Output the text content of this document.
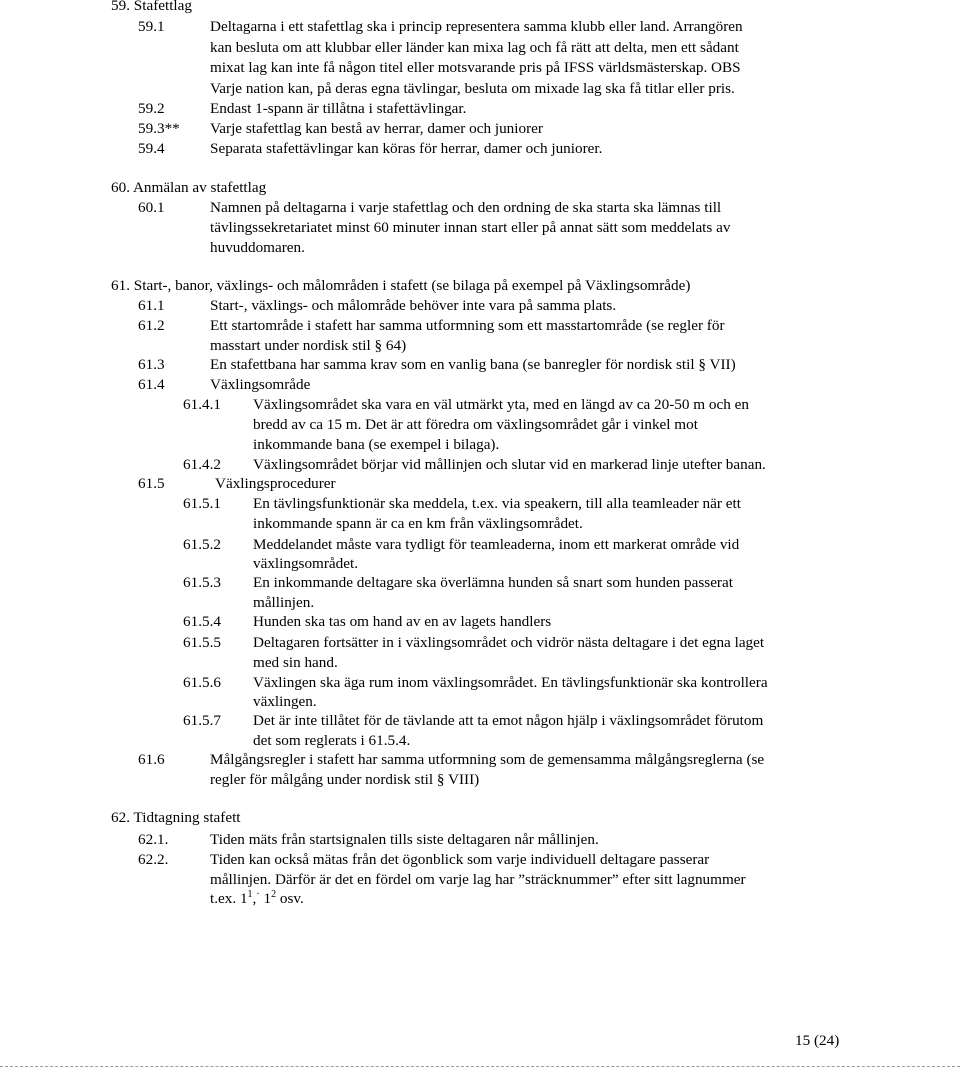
59. Stafettlag
59.1	Deltagarna i ett stafettlag ska i princip representera samma klubb eller land. Arrangören
kan besluta om att klubbar eller länder kan mixa lag och få rätt att delta, men ett sådant
mixat lag kan inte få någon titel eller motsvarande pris på IFSS världsmästerskap. OBS
Varje nation kan, på deras egna tävlingar, besluta om mixade lag ska få titlar eller pris.
59.2	Endast 1-spann är tillåtna i stafettävlingar.
59.3** Varje stafettlag kan bestå av herrar, damer och juniorer
59.4	Separata stafettävlingar kan köras för herrar, damer och juniorer.
60. Anmälan av stafettlag
60.1	Namnen på deltagarna i varje stafettlag och den ordning de ska starta ska lämnas till
tävlingssekretariatet minst 60 minuter innan start eller på annat sätt som meddelats av
huvuddomaren.
61. Start-, banor, växlings- och målområden i stafett (se bilaga på exempel på Växlingsområde)
61.1	Start-, växlings- och målområde behöver inte vara på samma plats.
61.2	Ett startområde i stafett har samma utformning som ett masstartområde (se regler för
masstart under nordisk stil § 64)
61.3	En stafettbana har samma krav som en vanlig bana (se banregler för nordisk stil § VII)
61.4	Växlingsområde
61.4.1 Växlingsområdet ska vara en väl utmärkt yta, med en längd av ca 20-50 m och en
bredd av ca 15 m. Det är att föredra om växlingsområdet går i vinkel mot
inkommande bana (se exempel i bilaga).
61.4.2 Växlingsområdet börjar vid mållinjen och slutar vid en markerad linje utefter banan.
61.5	Växlingsprocedurer
61.5.1 En tävlingsfunktionär ska meddela, t.ex. via speakern, till alla teamleader när ett
inkommande spann är ca en km från växlingsområdet.
61.5.2 Meddelandet måste vara tydligt för teamleaderna, inom ett markerat område vid
växlingsområdet.
61.5.3 En inkommande deltagare ska överlämna hunden så snart som hunden passerat
mållinjen.
61.5.4 Hunden ska tas om hand av en av lagets handlers
61.5.5 Deltagaren fortsätter in i växlingsområdet och vidrör nästa deltagare i det egna laget
med sin hand.
61.5.6 Växlingen ska äga rum inom växlingsområdet. En tävlingsfunktionär ska kontrollera
växlingen.
61.5.7 Det är inte tillåtet för de tävlande att ta emot någon hjälp i växlingsområdet förutom
det som reglerats i 61.5.4.
61.6	Målgångsregler i stafett har samma utformning som de gemensamma målgångsreglerna (se
regler för målgång under nordisk stil § VIII)
62. Tidtagning stafett
62.1.	Tiden mäts från startsignalen tills siste deltagaren når mållinjen.
62.2.	Tiden kan också mätas från det ögonblick som varje individuell deltagare passerar
mållinjen. Därför är det en fördel om varje lag har ”sträcknummer” efter sitt lagnummer
t.ex. $1^1,^\cdot$ $1^2$ osv.
15 (24)
